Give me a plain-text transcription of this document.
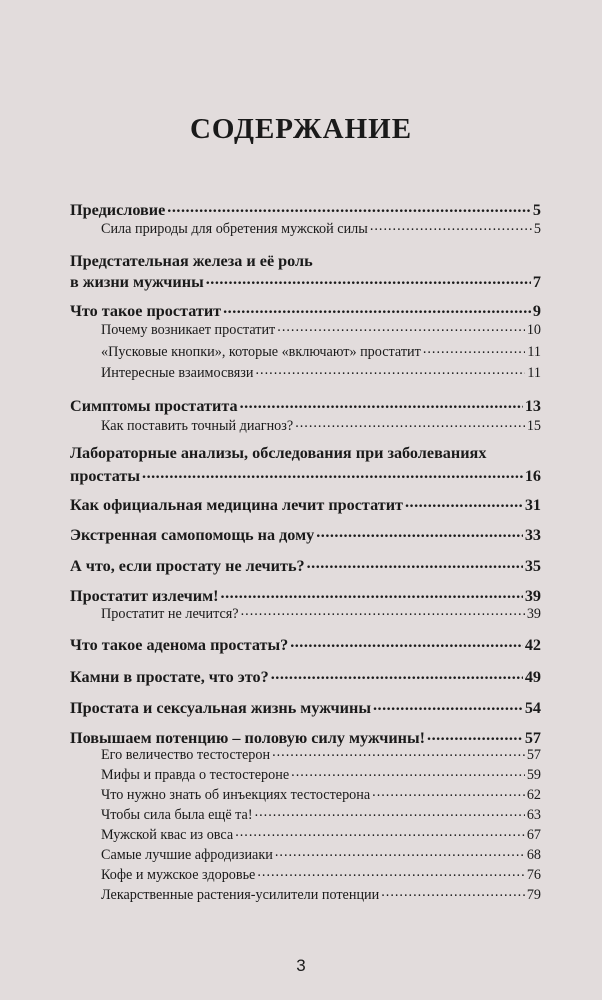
СОДЕРЖАНИЕ
Предисловие .....	5
Сила природы для обретения мужской силы .....	5
Предстательная железа и её роль
в жизни мужчины .....	7
Что такое простатит .....	9
Почему возникает простатит .....	10
«Пусковые кнопки», которые «включают» простатит .....	11
Интересные взаимосвязи .....	11
Симптомы простатита .....	13
Как поставить точный диагноз? .....	15
Лабораторные анализы, обследования при заболеваниях
простаты .....	16
Как официальная медицина лечит простатит .....	31
Экстренная самопомощь на дому .....	33
А что, если простату не лечить? .....	35
Простатит излечим! .....	39
Простатит не лечится? .....	39
Что такое аденома простаты? .....	42
Камни в простате, что это? .....	49
Простата и сексуальная жизнь мужчины .....	54
Повышаем потенцию – половую силу мужчины! .....	57
Его величество тестостерон .....	57
Мифы и правда о тестостероне .....	59
Что нужно знать об инъекциях тестостерона .....	62
Чтобы сила была ещё та! .....	63
Мужской квас из овса .....	67
Самые лучшие афродизиаки .....	68
Кофе и мужское здоровье .....	76
Лекарственные растения-усилители потенции .....	79
3
